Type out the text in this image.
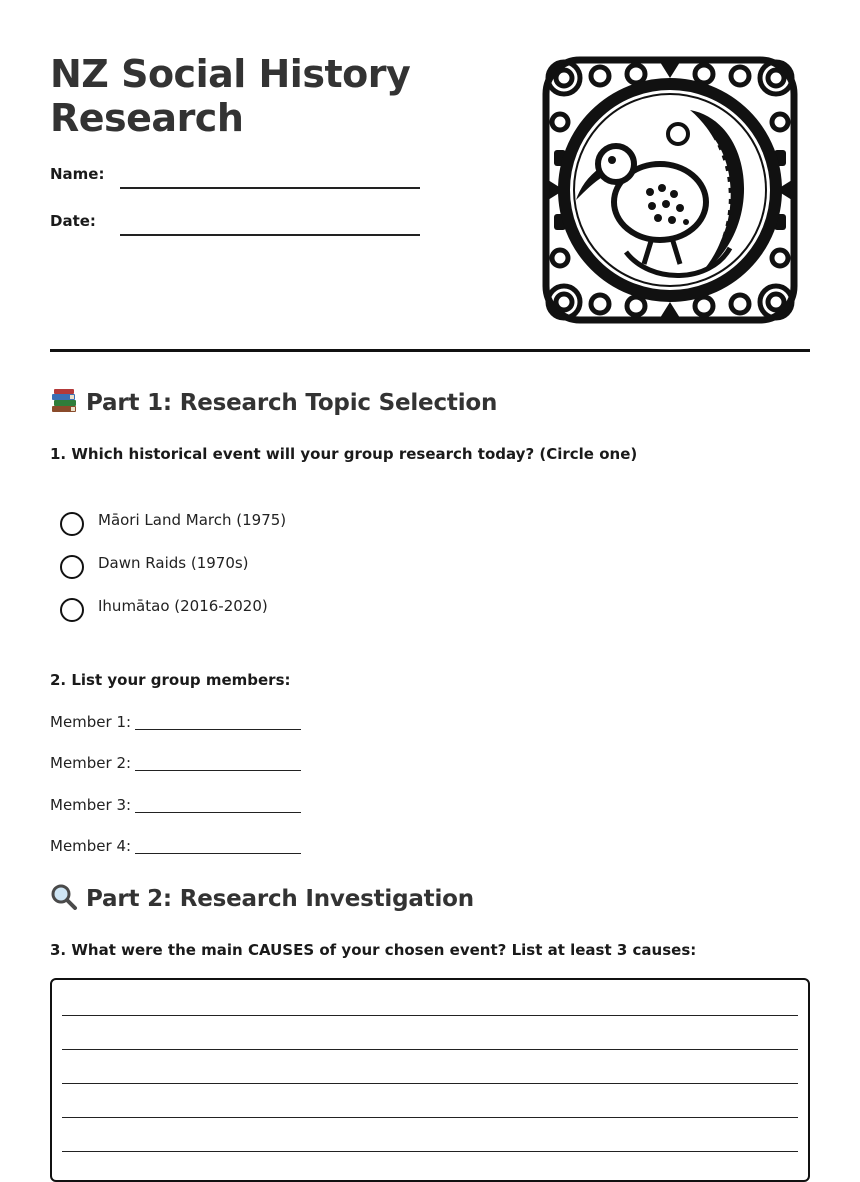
NZ Social History Research
Name:
Date:
Part 1: Research Topic Selection
1. Which historical event will your group research today? (Circle one)
Māori Land March (1975)
Dawn Raids (1970s)
Ihumātao (2016-2020)
2. List your group members:
Member 1:
Member 2:
Member 3:
Member 4:
Part 2: Research Investigation
3. What were the main CAUSES of your chosen event? List at least 3 causes:
